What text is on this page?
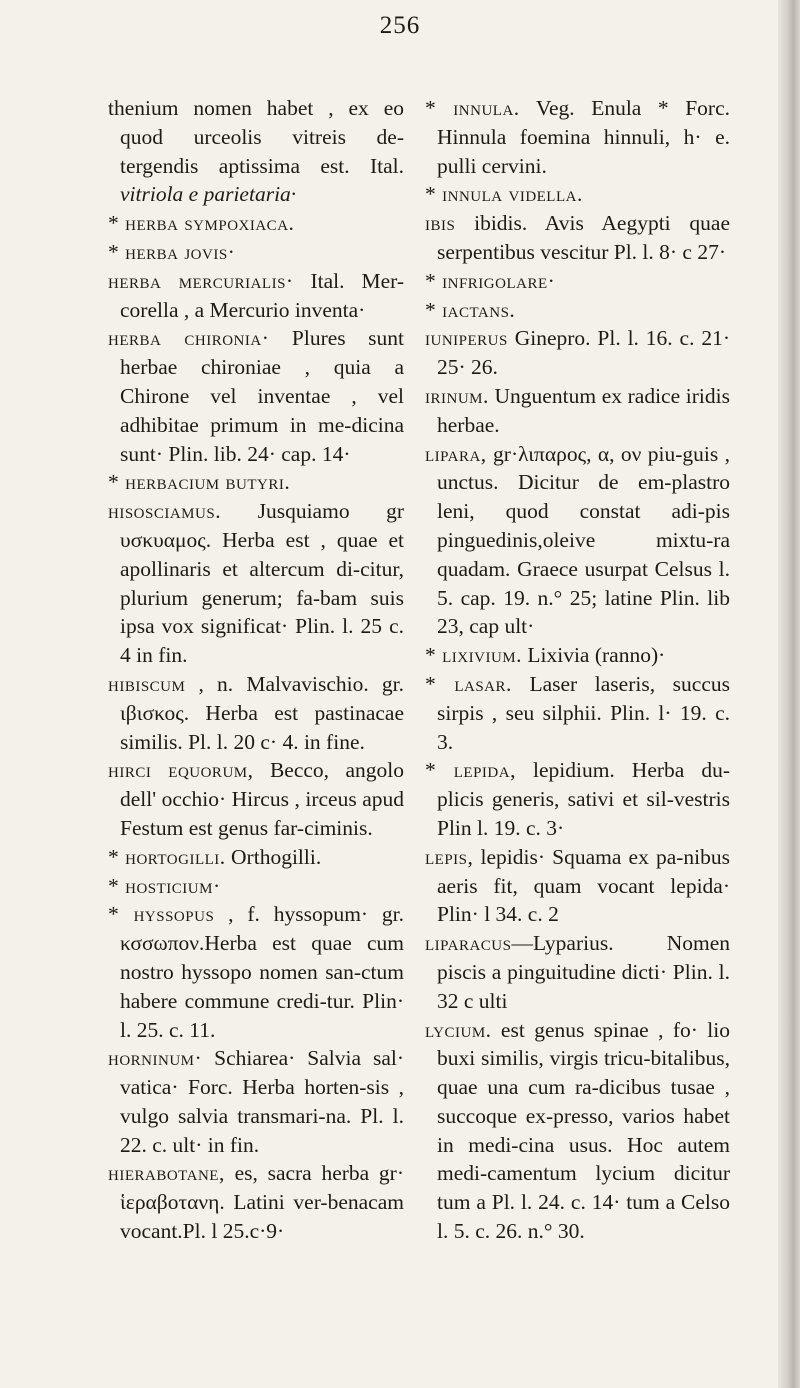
256

thenium nomen habet , ex eo quod urceolis vitreis de-tergendis aptissima est. Ital. vitriola e parietaria·

* herba sympoxiaca.

* herba jovis·

herba mercurialis· Ital. Mer-corella , a Mercurio inventa·

herba chironia· Plures sunt herbae chironiae , quia a Chirone vel inventae , vel adhibitae primum in me-dicina sunt· Plin. lib. 24· cap. 14·

* herbacium butyri.

hisosciamus. Jusquiamo gr υσκυαμος. Herba est , quae et apollinaris et altercum di-citur, plurium generum; fa-bam suis ipsa vox significat· Plin. l. 25 c. 4 in fin.

hibiscum , n. Malvavischio. gr. ιβισκος. Herba est pastinacae similis. Pl. l. 20 c· 4. in fine.

hirci equorum, Becco, angolo dell' occhio· Hircus , irceus apud Festum est genus far-ciminis.

* hortogilli. Orthogilli.

* hosticium·

* hyssopus , f. hyssopum· gr. κσσωπον.Herba est quae cum nostro hyssopo nomen san-ctum habere commune credi-tur. Plin· l. 25. c. 11.

horninum· Schiarea· Salvia sal· vatica· Forc. Herba horten-sis , vulgo salvia transmari-na. Pl. l. 22. c. ult· in fin.

hierabotane, es, sacra herba gr· ἱεραβοτανη. Latini ver-benacam vocant.Pl. l 25.c·9·

* innula. Veg. Enula * Forc. Hinnula foemina hinnuli, h· e. pulli cervini.

* innula vidella.

ibis ibidis. Avis Aegypti quae serpentibus vescitur Pl. l. 8· c 27·

* infrigolare·

* iactans.

iuniperus Ginepro. Pl. l. 16. c. 21· 25· 26.

irinum. Unguentum ex radice iridis herbae.

lipara, gr·λιπαρος, α, ον piu-guis , unctus. Dicitur de em-plastro leni, quod constat adi-pis pinguedinis,oleive mixtu-ra quadam. Graece usurpat Celsus l. 5. cap. 19. n.° 25; latine Plin. lib 23, cap ult·

* lixivium. Lixivia (ranno)·

* lasar. Laser laseris, succus sirpis , seu silphii. Plin. l· 19. c. 3.

* lepida, lepidium. Herba du-plicis generis, sativi et sil-vestris Plin l. 19. c. 3·

lepis, lepidis· Squama ex pa-nibus aeris fit, quam vocant lepida· Plin· l 34. c. 2

liparacus—Lyparius. Nomen piscis a pinguitudine dicti· Plin. l. 32 c ulti

lycium. est genus spinae , fo· lio buxi similis, virgis tricu-bitalibus, quae una cum ra-dicibus tusae , succoque ex-presso, varios habet in medi-cina usus. Hoc autem medi-camentum lycium dicitur tum a Pl. l. 24. c. 14· tum a Celso l. 5. c. 26. n.° 30.
